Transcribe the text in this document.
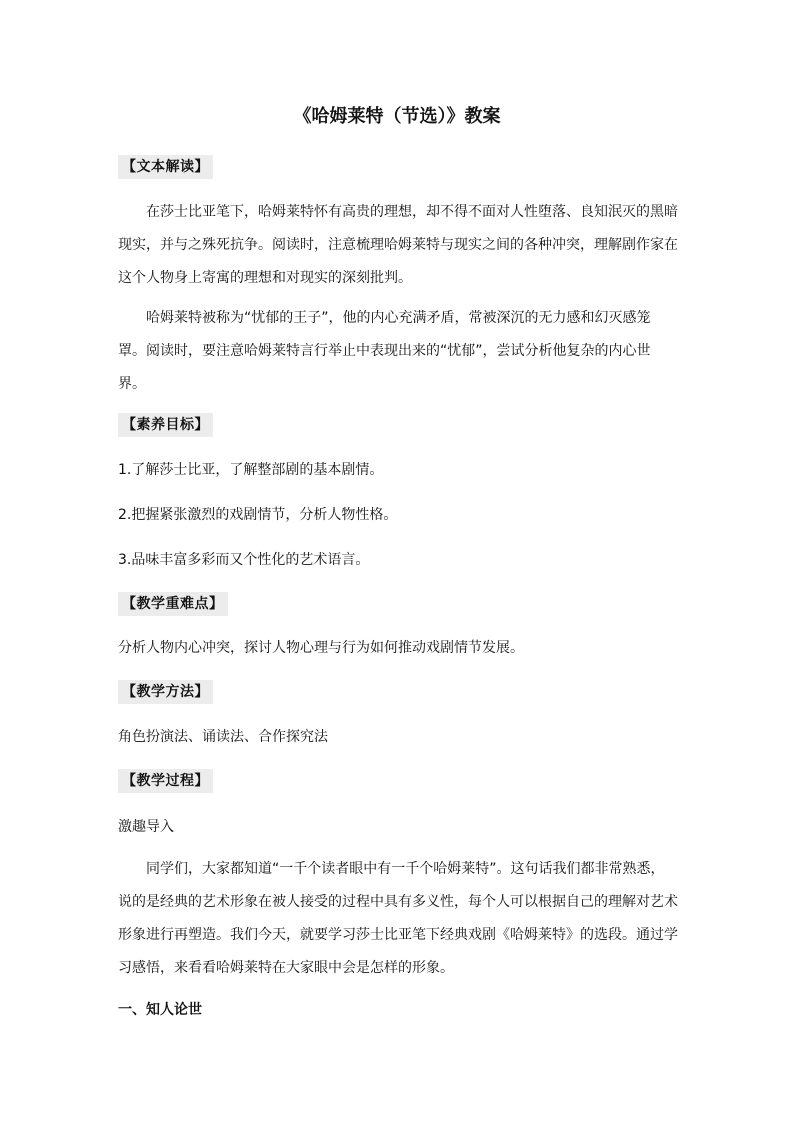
《哈姆莱特（节选）》教案
【文本解读】
在莎士比亚笔下，哈姆莱特怀有高贵的理想，却不得不面对人性堕落、良知泯灭的黑暗现实，并与之殊死抗争。阅读时，注意梳理哈姆莱特与现实之间的各种冲突，理解剧作家在这个人物身上寄寓的理想和对现实的深刻批判。
哈姆莱特被称为“忧郁的王子”，他的内心充满矛盾，常被深沉的无力感和幻灭感笼罩。阅读时，要注意哈姆莱特言行举止中表现出来的“忧郁”，尝试分析他复杂的内心世界。
【素养目标】
1.了解莎士比亚，了解整部剧的基本剧情。
2.把握紧张激烈的戏剧情节，分析人物性格。
3.品味丰富多彩而又个性化的艺术语言。
【教学重难点】
分析人物内心冲突，探讨人物心理与行为如何推动戏剧情节发展。
【教学方法】
角色扮演法、诵读法、合作探究法
【教学过程】
激趣导入
同学们，大家都知道“一千个读者眼中有一千个哈姆莱特”。这句话我们都非常熟悉，说的是经典的艺术形象在被人接受的过程中具有多义性，每个人可以根据自己的理解对艺术形象进行再塑造。我们今天，就要学习莎士比亚笔下经典戏剧《哈姆莱特》的选段。通过学习感悟，来看看哈姆莱特在大家眼中会是怎样的形象。
一、知人论世
